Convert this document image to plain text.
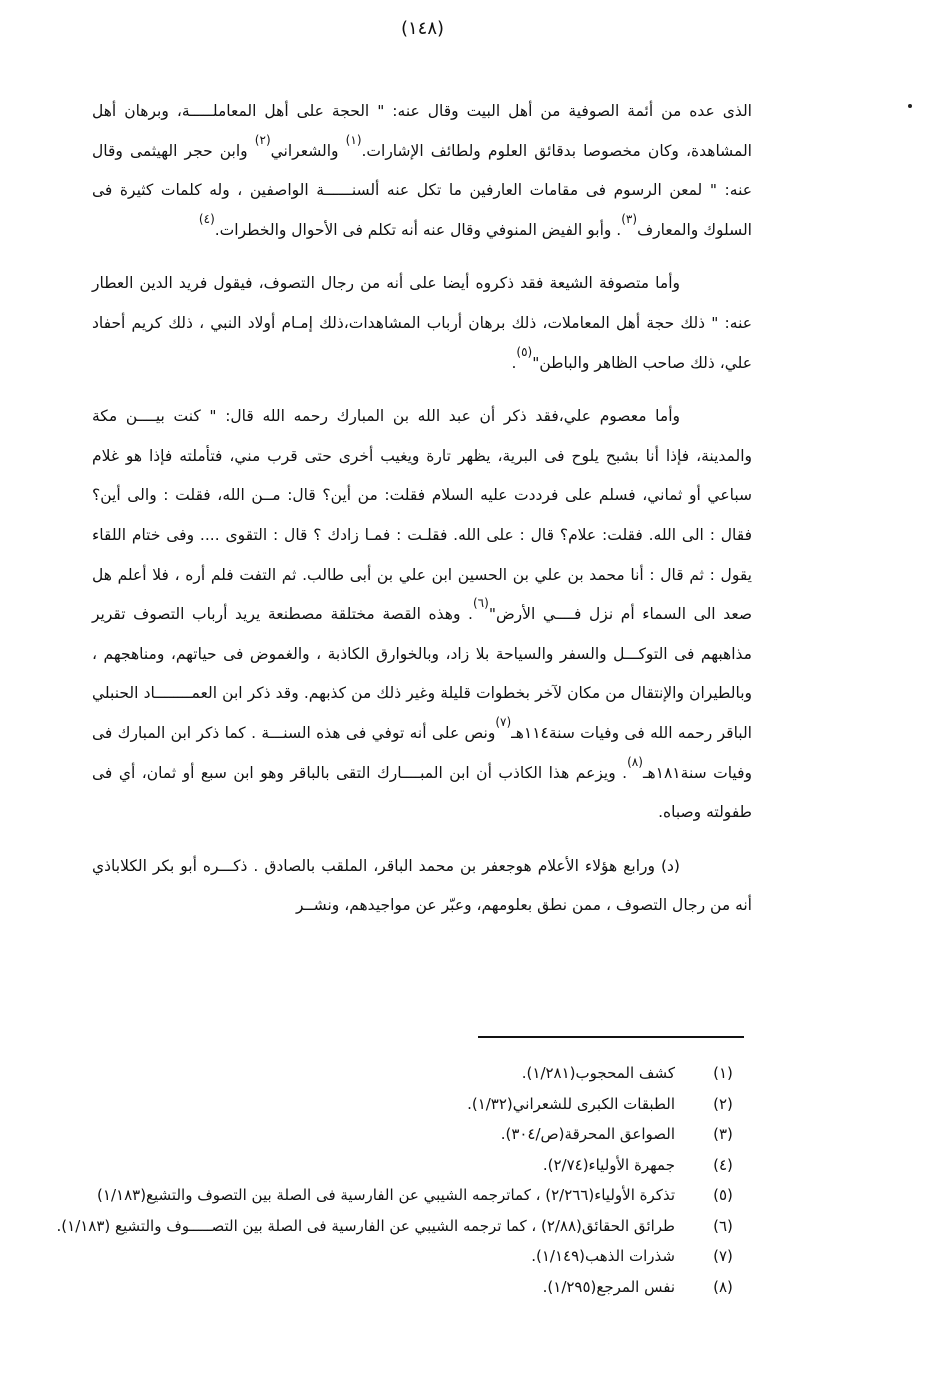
(١٤٨)

الذى عده من أئمة الصوفية من أهل البيت وقال عنه: " الحجة على أهل المعاملـــــة، وبرهان أهل المشاهدة، وكان مخصوصا بدقائق العلوم ولطائف الإشارات.$^{(١)}$ والشعراني$^{(٢)}$ وابن حجر الهيثمى وقال عنه: " لمعن الرسوم فى مقامات العارفين ما تكل عنه ألسنــــــة الواصفين ، وله كلمات كثيرة فى السلوك والمعارف$^{(٣)}$. وأبو الفيض المنوفي وقال عنه أنه تكلم فى الأحوال والخطرات.$^{(٤)}$

وأما متصوفة الشيعة فقد ذكروه أيضا على أنه من رجال التصوف، فيقول فريد الدين العطار عنه: " ذلك حجة أهل المعاملات، ذلك برهان أرباب المشاهدات،ذلك إمـام أولاد النبي ، ذلك كريم أحفاد علي، ذلك صاحب الظاهر والباطن"$^{(٥)}$.

وأما معصوم علي،فقد ذكر أن عبد الله بن المبارك رحمه الله قال: " كنت بيــــن مكة والمدينة، فإذا أنا بشبح يلوح فى البرية، يظهر تارة ويغيب أخرى حتى قرب مني، فتأملته فإذا هو غلام سباعي أو ثماني، فسلم على فرددت عليه السلام فقلت: من أين؟ قال: مــن الله، فقلت : والى أين؟ فقال : الى الله. فقلت: علام؟ قال : على الله. فقلـت : فمـا زادك ؟ قال : التقوى .... وفى ختام اللقاء يقول : ثم قال : أنا محمد بن علي بن الحسين ابن علي بن أبى طالب. ثم التفت فلم أره ، فلا أعلم هل صعد الى السماء أم نزل فــــي الأرض"$^{(٦)}$. وهذه القصة مختلقة مصطنعة يريد أرباب التصوف تقرير مذاهبهم فى التوكـــل والسفر والسياحة بلا زاد، وبالخوارق الكاذبة ، والغموض فى حياتهم، ومناهجهم ، وبالطيران والإنتقال من مكان لآخر بخطوات قليلة وغير ذلك من كذبهم. وقد ذكر ابن العمــــــــاد الحنبلي الباقر رحمه الله فى وفيات سنة١١٤هـ$^{(٧)}$ونص على أنه توفي فى هذه السنـــة . كما ذكر ابن المبارك فى وفيات سنة١٨١هـ$^{(٨)}$. ويزعم هذا الكاذب أن ابن المبــــارك التقى بالباقر وهو ابن سبع أو ثمان، أي فى طفولته وصباه.

(د) ورابع هؤلاء الأعلام هوجعفر بن محمد الباقر، الملقب بالصادق . ذكـــره أبو بكر الكلاباذي أنه من رجال التصوف ، ممن نطق بعلومهم، وعبّر عن مواجيدهم، ونشــر

(١)
كشف المحجوب(١/٢٨١).

(٢)
الطبقات الكبرى للشعراني(١/٣٢).

(٣)
الصواعق المحرقة(ص/٣٠٤).

(٤)
جمهرة الأولياء(٢/٧٤).

(٥)
تذكرة الأولياء(٢/٢٦٦) ، كماترجمه الشيبي عن الفارسية فى الصلة بين التصوف والتشيع(١/١٨٣)

(٦)
طرائق الحقائق(٢/٨٨) ، كما ترجمه الشيبي عن الفارسية فى الصلة بين التصـــــوف والتشيع (١/١٨٣).

(٧)
شذرات الذهب(١/١٤٩).

(٨)
نفس المرجع(١/٢٩٥).
